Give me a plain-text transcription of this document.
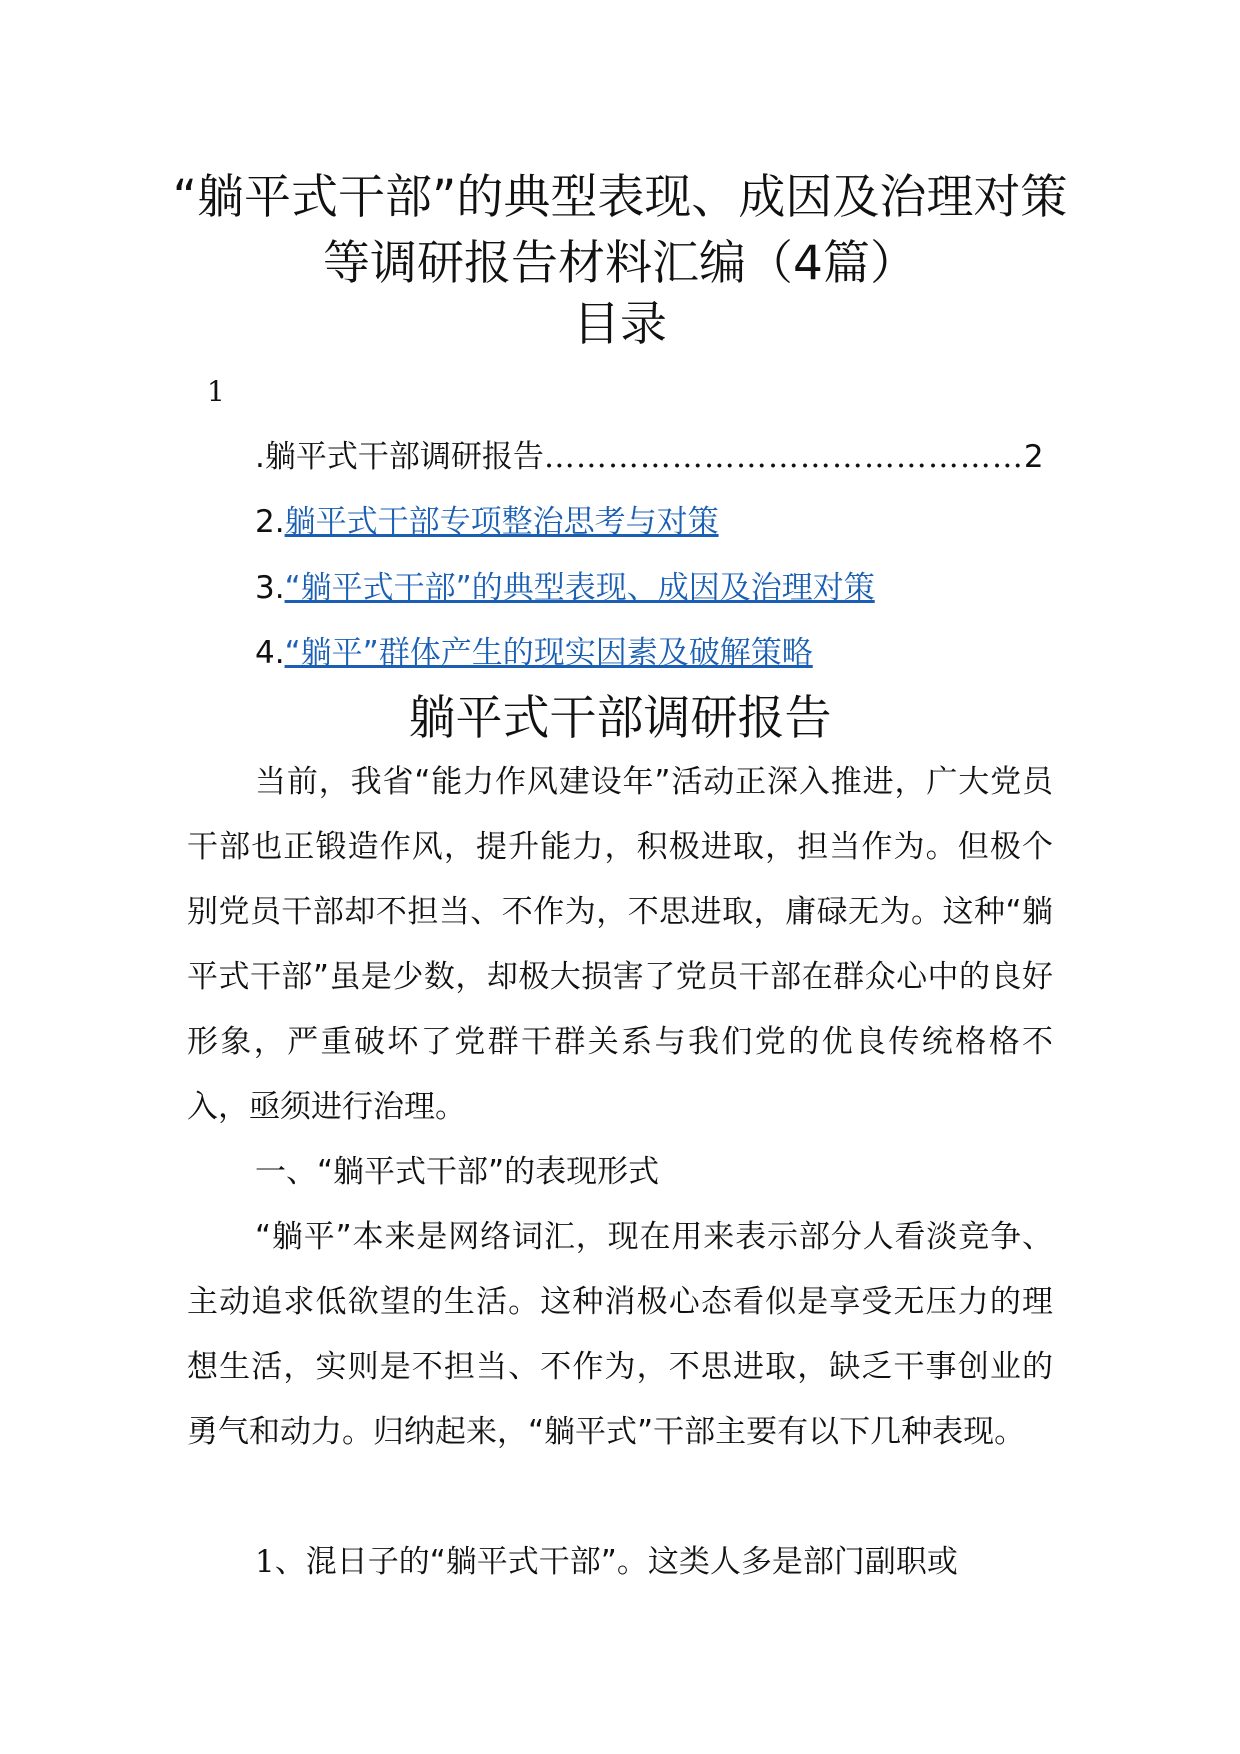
“躺平式干部”的典型表现、成因及治理对策等调研报告材料汇编（4篇）
目录
1
.躺平式干部调研报告………………………………………2
2.躺平式干部专项整治思考与对策
3.“躺平式干部”的典型表现、成因及治理对策
4.“躺平”群体产生的现实因素及破解策略
躺平式干部调研报告

当前，我省“能力作风建设年”活动正深入推进，广大党员干部也正锻造作风，提升能力，积极进取，担当作为。但极个别党员干部却不担当、不作为，不思进取，庸碌无为。这种“躺平式干部”虽是少数，却极大损害了党员干部在群众心中的良好形象，严重破坏了党群干群关系与我们党的优良传统格格不入，亟须进行治理。

一、“躺平式干部”的表现形式

“躺平”本来是网络词汇，现在用来表示部分人看淡竞争、主动追求低欲望的生活。这种消极心态看似是享受无压力的理想生活，实则是不担当、不作为，不思进取，缺乏干事创业的勇气和动力。归纳起来，“躺平式”干部主要有以下几种表现。

1、混日子的“躺平式干部”。这类人多是部门副职或
